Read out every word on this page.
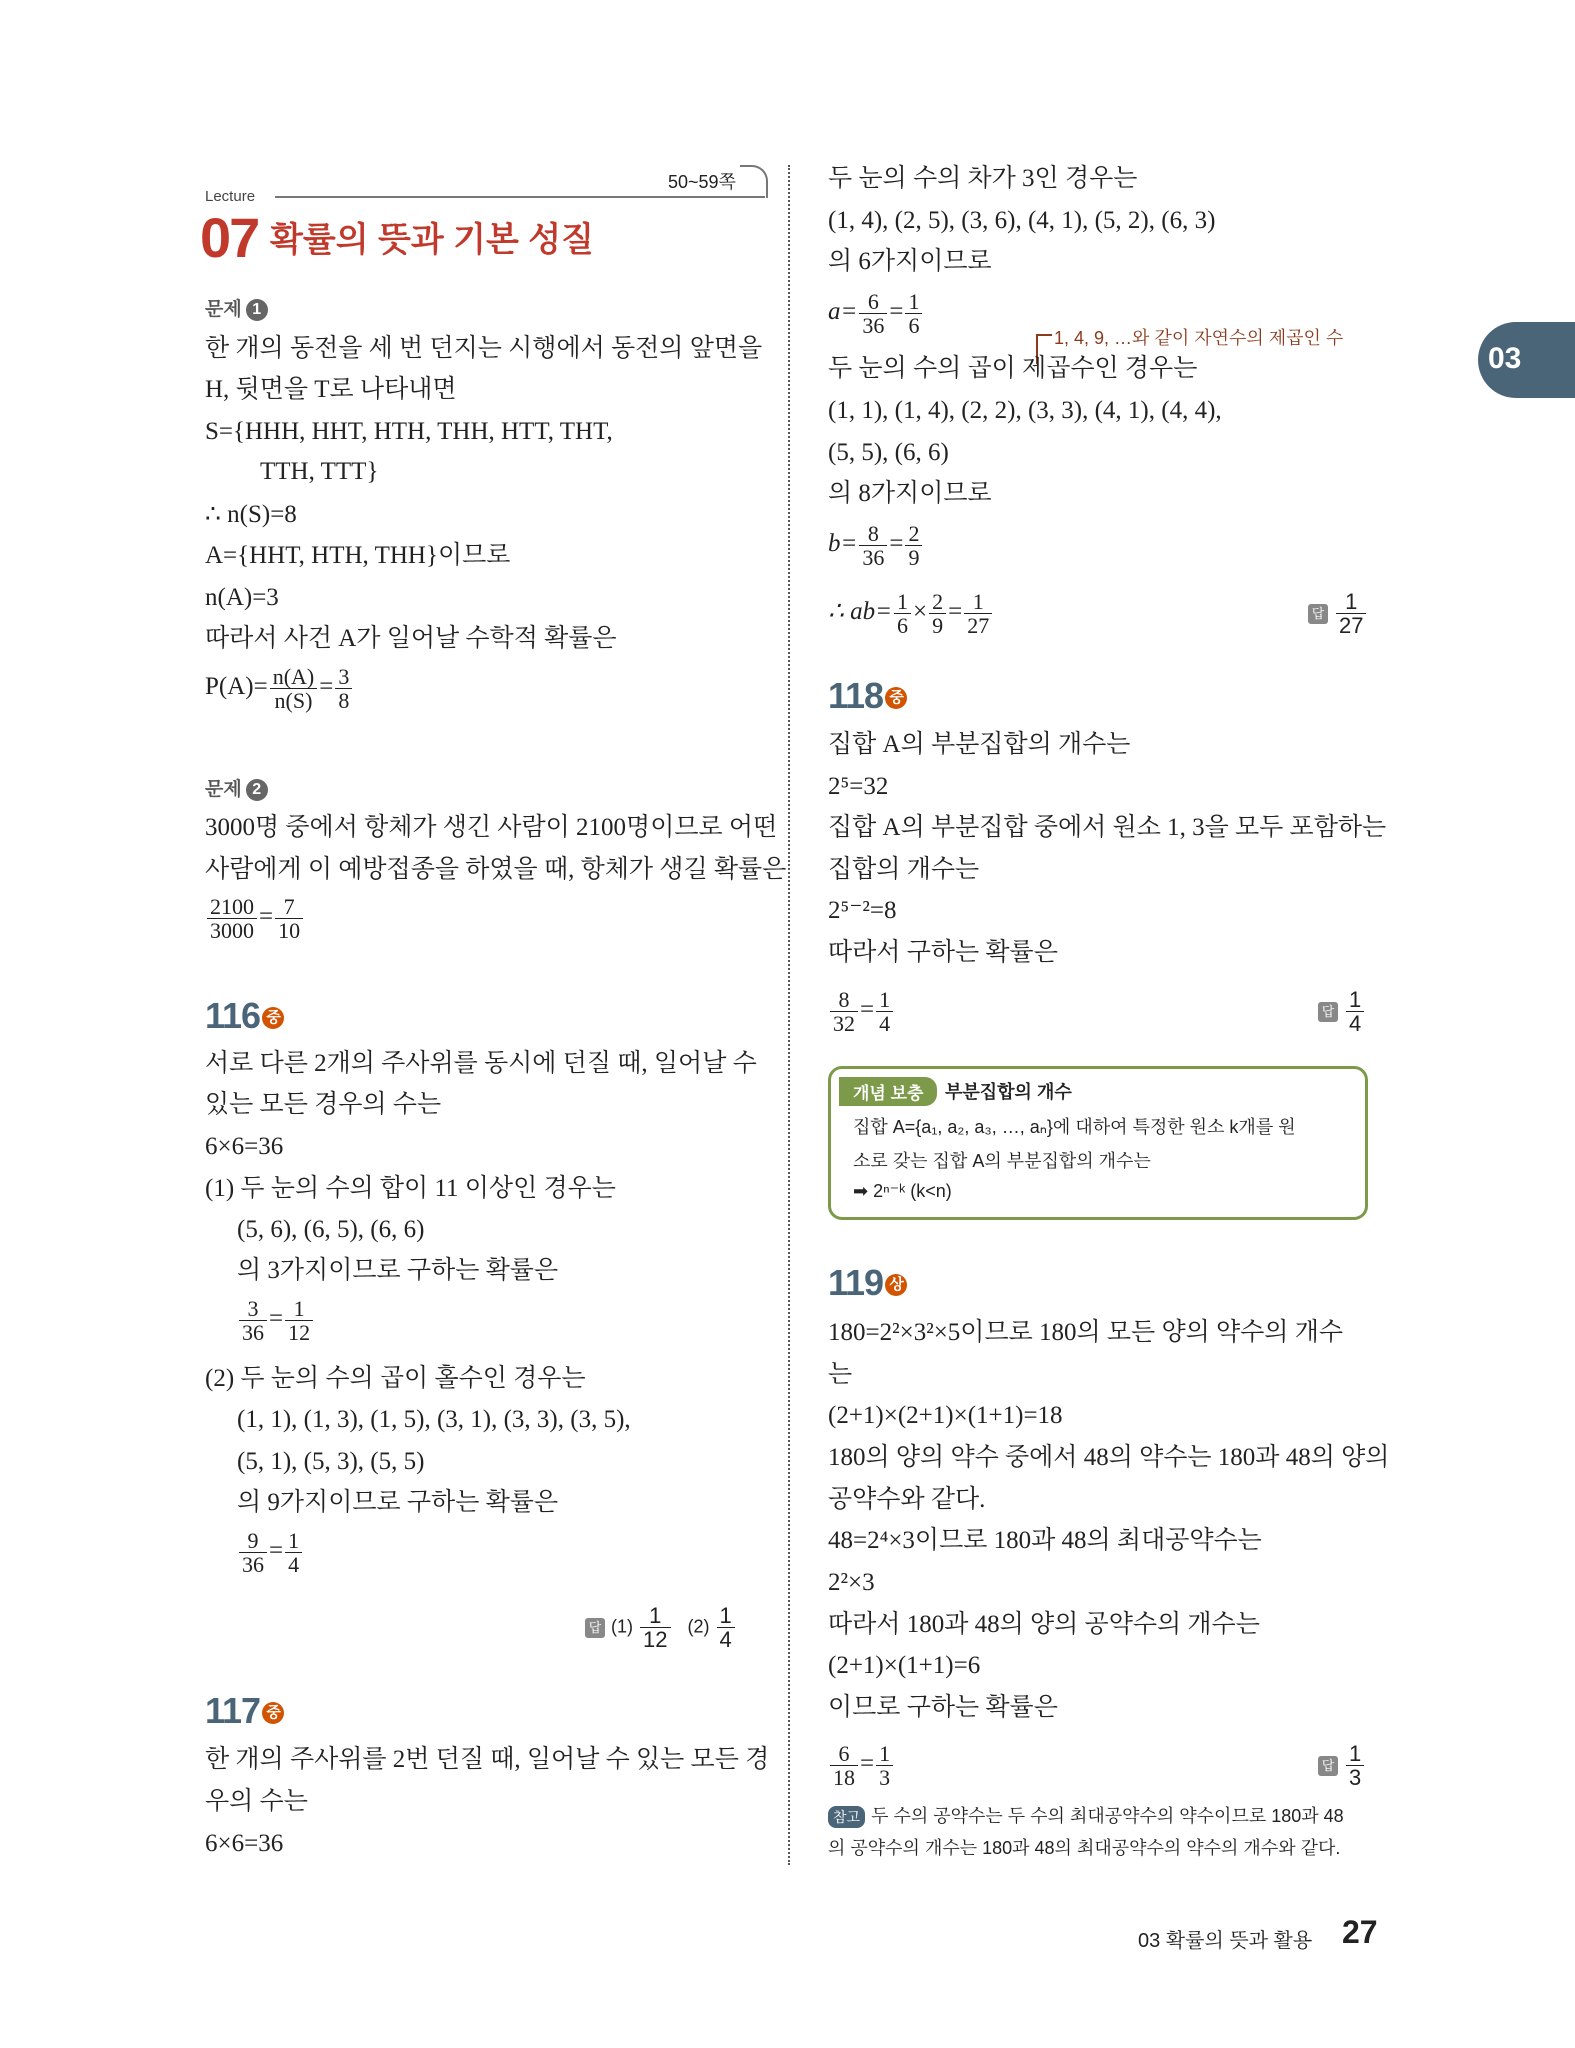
50~59쪽
Lecture
07 확률의 뜻과 기본 성질
03
문제 1
한 개의 동전을 세 번 던지는 시행에서 동전의 앞면을
H, 뒷면을 T로 나타내면
S={HHH, HHT, HTH, THH, HTT, THT,
TTH, TTT}
∴ n(S)=8
A={HHT, HTH, THH}이므로
n(A)=3
따라서 사건 A가 일어날 수학적 확률은
$P(A)= \frac{n(A)}{n(S)} = \frac{3}{8}$
문제 2
3000명 중에서 항체가 생긴 사람이 2100명이므로 어떤
사람에게 이 예방접종을 하였을 때, 항체가 생길 확률은
$\frac{2100}{3000} = \frac{7}{10}$
116 중
서로 다른 2개의 주사위를 동시에 던질 때, 일어날 수
있는 모든 경우의 수는
6×6=36
(1) 두 눈의 수의 합이 11 이상인 경우는
(5, 6), (6, 5), (6, 6)
의 3가지이므로 구하는 확률은
$\frac{3}{36} = \frac{1}{12}$
(2) 두 눈의 수의 곱이 홀수인 경우는
(1, 1), (1, 3), (1, 5), (3, 1), (3, 3), (3, 5),
(5, 1), (5, 3), (5, 5)
의 9가지이므로 구하는 확률은
$\frac{9}{36} = \frac{1}{4}$
답 $(1) \frac{1}{12} (2) \frac{1}{4}$
117 중
한 개의 주사위를 2번 던질 때, 일어날 수 있는 모든 경
우의 수는
6×6=36
두 눈의 수의 차가 3인 경우는
(1, 4), (2, 5), (3, 6), (4, 1), (5, 2), (6, 3)
의 6가지이므로
$a= \frac{6}{36} = \frac{1}{6}$
1, 4, 9, …와 같이 자연수의 제곱인 수
두 눈의 수의 곱이 제곱수인 경우는
(1, 1), (1, 4), (2, 2), (3, 3), (4, 1), (4, 4),
(5, 5), (6, 6)
의 8가지이므로
$b= \frac{8}{36} = \frac{2}{9}$
∴ $ab= \frac{1}{6} \times \frac{2}{9} = \frac{1}{27}$	답 $\frac{1}{27}$
118 중
집합 A의 부분집합의 개수는
2⁵=32
집합 A의 부분집합 중에서 원소 1, 3을 모두 포함하는
집합의 개수는
2⁵⁻²=8
따라서 구하는 확률은
$\frac{8}{32} = \frac{1}{4}$	답 $\frac{1}{4}$
개념 보충	부분집합의 개수
집합 A={a₁, a₂, a₃, …, aₙ}에 대하여 특정한 원소 k개를 원
소로 갖는 집합 A의 부분집합의 개수는
➡ 2ⁿ⁻ᵏ (k<n)
119 상
180=2²×3²×5이므로 180의 모든 양의 약수의 개수
는
(2+1)×(2+1)×(1+1)=18
180의 양의 약수 중에서 48의 약수는 180과 48의 양의
공약수와 같다.
48=2⁴×3이므로 180과 48의 최대공약수는
2²×3
따라서 180과 48의 양의 공약수의 개수는
(2+1)×(1+1)=6
이므로 구하는 확률은
$\frac{6}{18} = \frac{1}{3}$	답 $\frac{1}{3}$
참고 두 수의 공약수는 두 수의 최대공약수의 약수이므로 180과 48
의 공약수의 개수는 180과 48의 최대공약수의 약수의 개수와 같다.
03 확률의 뜻과 활용 27
